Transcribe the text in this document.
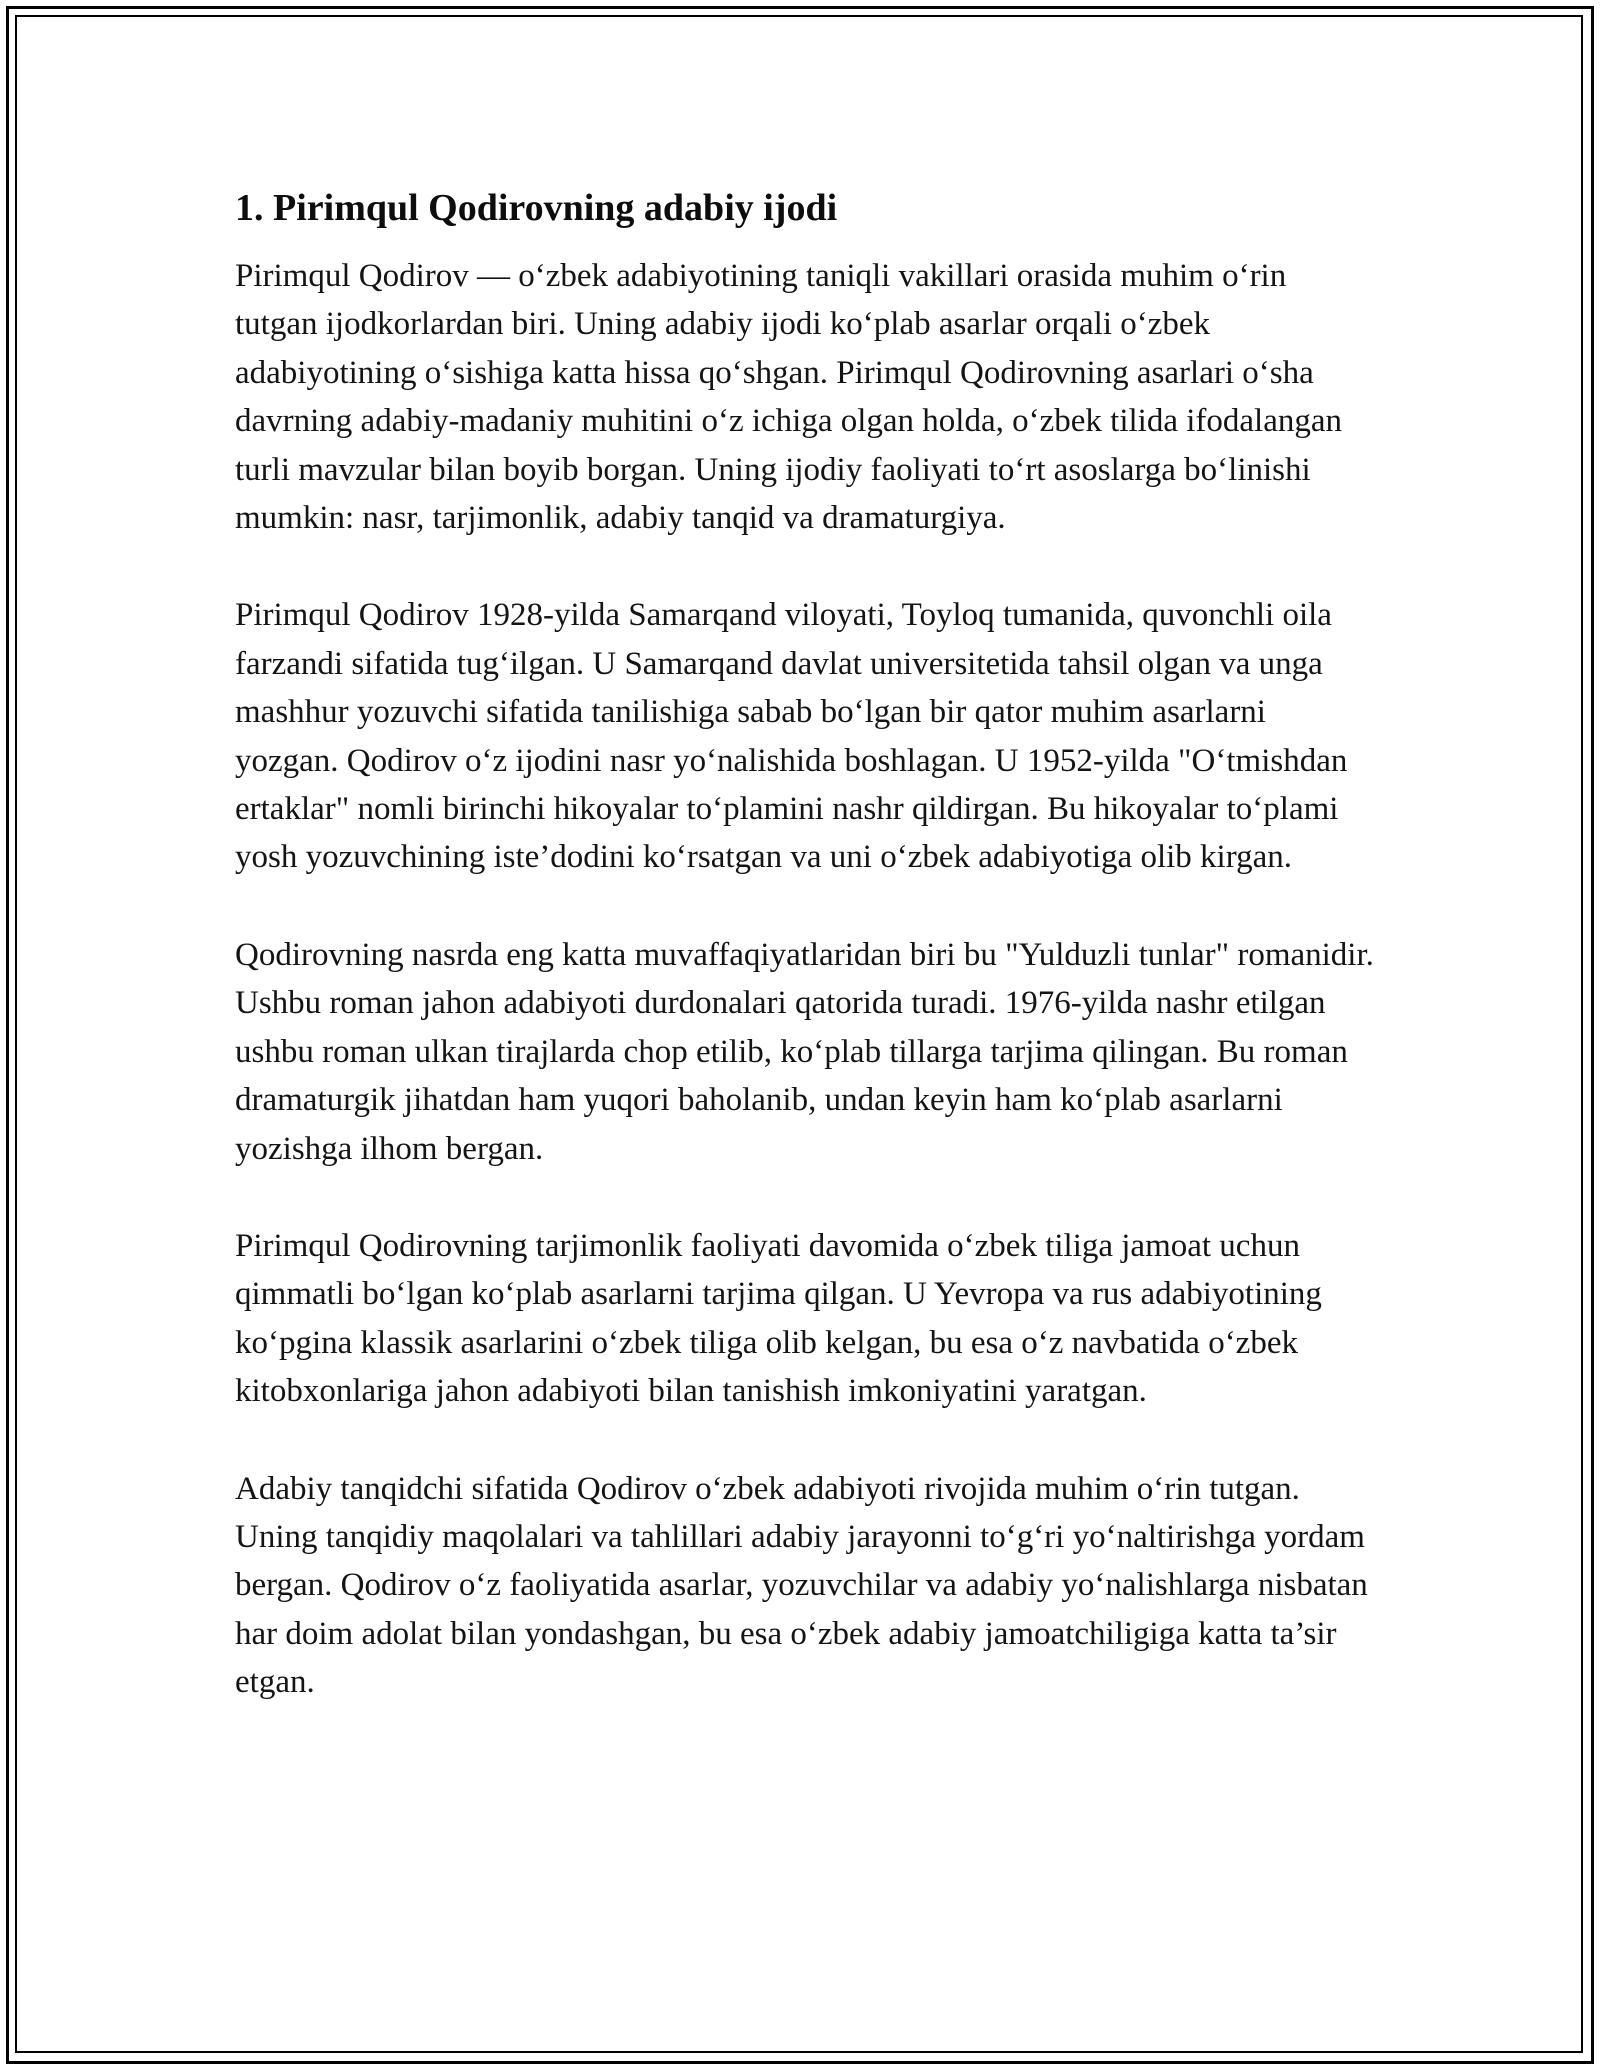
1. Pirimqul Qodirovning adabiy ijodi

Pirimqul Qodirov — o‘zbek adabiyotining taniqli vakillari orasida muhim o‘rin tutgan ijodkorlardan biri. Uning adabiy ijodi ko‘plab asarlar orqali o‘zbek adabiyotining o‘sishiga katta hissa qo‘shgan. Pirimqul Qodirovning asarlari o‘sha davrning adabiy-madaniy muhitini o‘z ichiga olgan holda, o‘zbek tilida ifodalangan turli mavzular bilan boyib borgan. Uning ijodiy faoliyati to‘rt asoslarga bo‘linishi mumkin: nasr, tarjimonlik, adabiy tanqid va dramaturgiya.

Pirimqul Qodirov 1928-yilda Samarqand viloyati, Toyloq tumanida, quvonchli oila farzandi sifatida tug‘ilgan. U Samarqand davlat universitetida tahsil olgan va unga mashhur yozuvchi sifatida tanilishiga sabab bo‘lgan bir qator muhim asarlarni yozgan. Qodirov o‘z ijodini nasr yo‘nalishida boshlagan. U 1952-yilda "O‘tmishdan ertaklar" nomli birinchi hikoyalar to‘plamini nashr qildirgan. Bu hikoyalar to‘plami yosh yozuvchining iste’dodini ko‘rsatgan va uni o‘zbek adabiyotiga olib kirgan.

Qodirovning nasrda eng katta muvaffaqiyatlaridan biri bu "Yulduzli tunlar" romanidir. Ushbu roman jahon adabiyoti durdonalari qatorida turadi. 1976-yilda nashr etilgan ushbu roman ulkan tirajlarda chop etilib, ko‘plab tillarga tarjima qilingan. Bu roman dramaturgik jihatdan ham yuqori baholanib, undan keyin ham ko‘plab asarlarni yozishga ilhom bergan.

Pirimqul Qodirovning tarjimonlik faoliyati davomida o‘zbek tiliga jamoat uchun qimmatli bo‘lgan ko‘plab asarlarni tarjima qilgan. U Yevropa va rus adabiyotining ko‘pgina klassik asarlarini o‘zbek tiliga olib kelgan, bu esa o‘z navbatida o‘zbek kitobxonlariga jahon adabiyoti bilan tanishish imkoniyatini yaratgan.

Adabiy tanqidchi sifatida Qodirov o‘zbek adabiyoti rivojida muhim o‘rin tutgan. Uning tanqidiy maqolalari va tahlillari adabiy jarayonni to‘g‘ri yo‘naltirishga yordam bergan. Qodirov o‘z faoliyatida asarlar, yozuvchilar va adabiy yo‘nalishlarga nisbatan har doim adolat bilan yondashgan, bu esa o‘zbek adabiy jamoatchiligiga katta ta’sir etgan.
